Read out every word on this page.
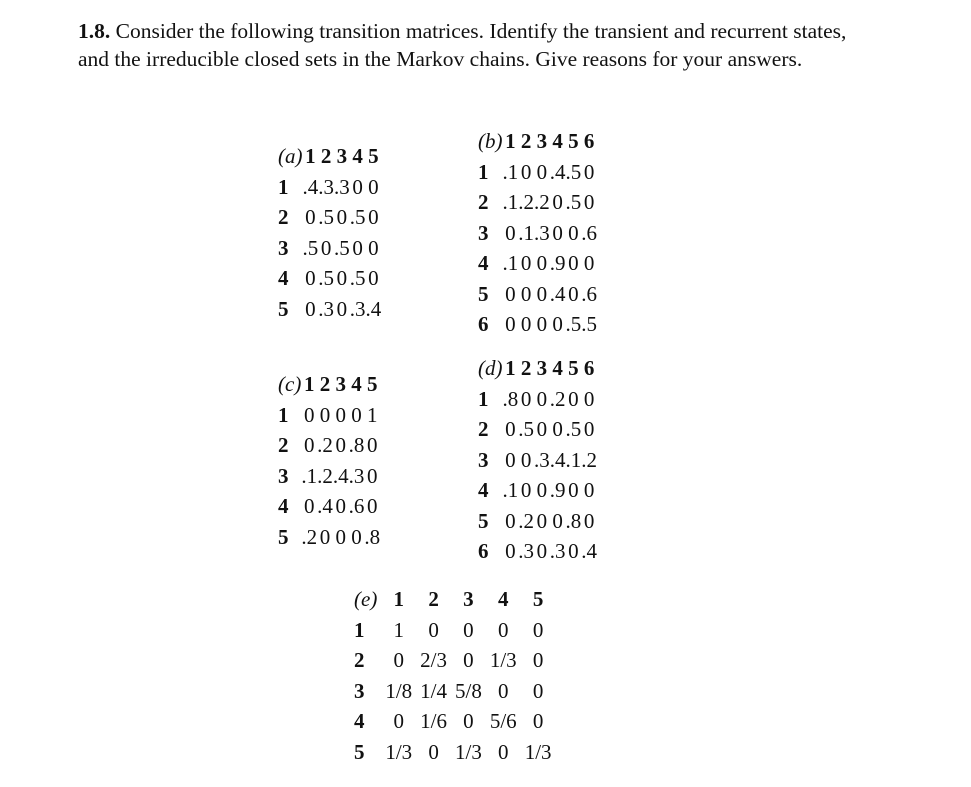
1.8. Consider the following transition matrices. Identify the transient and recurrent states, and the irreducible closed sets in the Markov chains. Give reasons for your answers.

(a)	1	2	3	4	5
1	.4	.3	.3	0	0
2	0	.5	0	.5	0
3	.5	0	.5	0	0
4	0	.5	0	.5	0
5	0	.3	0	.3	.4
(b)	1	2	3	4	5	6
1	.1	0	0	.4	.5	0
2	.1	.2	.2	0	.5	0
3	0	.1	.3	0	0	.6
4	.1	0	0	.9	0	0
5	0	0	0	.4	0	.6
6	0	0	0	0	.5	.5
(c)	1	2	3	4	5
1	0	0	0	0	1
2	0	.2	0	.8	0
3	.1	.2	.4	.3	0
4	0	.4	0	.6	0
5	.2	0	0	0	.8
(d)	1	2	3	4	5	6
1	.8	0	0	.2	0	0
2	0	.5	0	0	.5	0
3	0	0	.3	.4	.1	.2
4	.1	0	0	.9	0	0
5	0	.2	0	0	.8	0
6	0	.3	0	.3	0	.4
(e)	1	2	3	4	5
1	1	0	0	0	0
2	0	2/3	0	1/3	0
3	1/8	1/4	5/8	0	0
4	0	1/6	0	5/6	0
5	1/3	0	1/3	0	1/3
